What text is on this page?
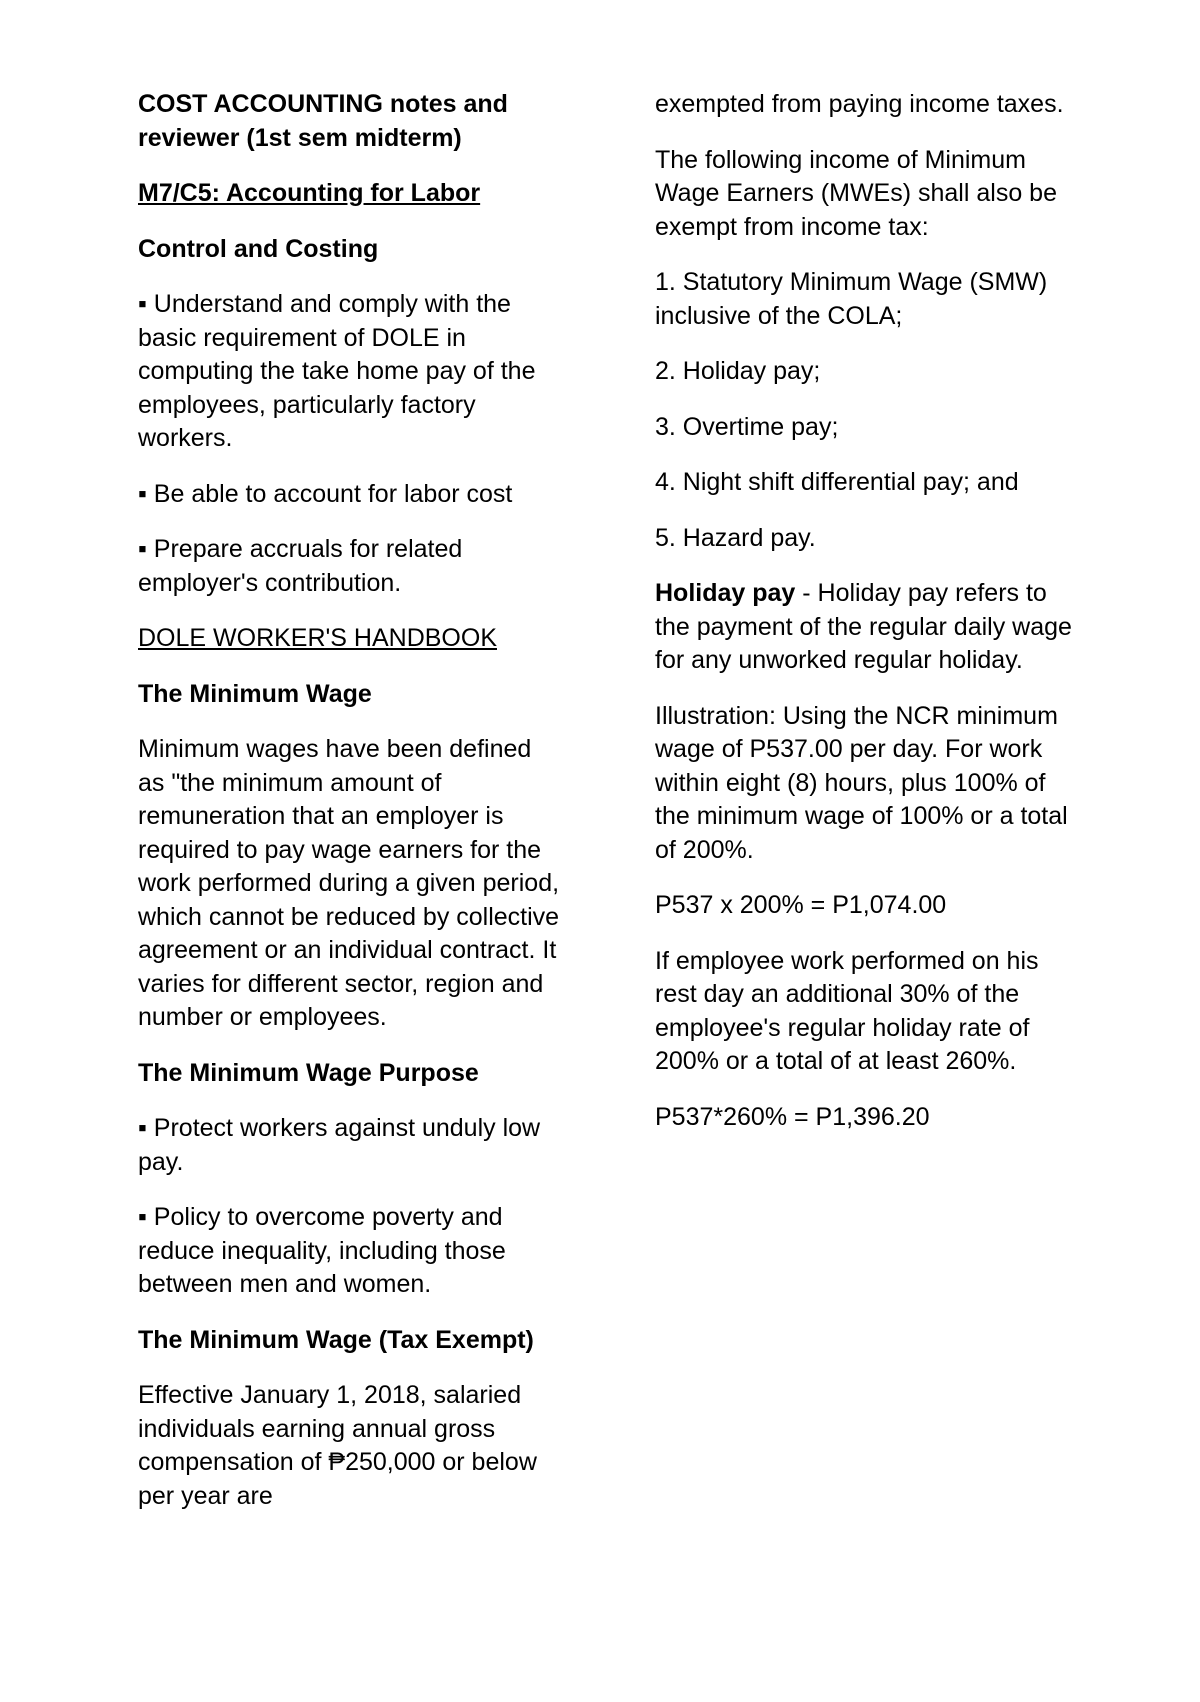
COST ACCOUNTING notes and reviewer (1st sem midterm)

M7/C5: Accounting for Labor

Control and Costing

▪ Understand and comply with the basic requirement of DOLE in computing the take home pay of the employees, particularly factory workers.

▪ Be able to account for labor cost

▪ Prepare accruals for related employer's contribution.

DOLE WORKER'S HANDBOOK

The Minimum Wage

Minimum wages have been defined as "the minimum amount of remuneration that an employer is required to pay wage earners for the work performed during a given period, which cannot be reduced by collective agreement or an individual contract. It varies for different sector, region and number or employees.

The Minimum Wage Purpose

▪ Protect workers against unduly low pay.

▪ Policy to overcome poverty and reduce inequality, including those between men and women.

The Minimum Wage (Tax Exempt)

Effective January 1, 2018, salaried individuals earning annual gross compensation of ₱250,000 or below per year are

exempted from paying income taxes.

The following income of Minimum Wage Earners (MWEs) shall also be exempt from income tax:

1. Statutory Minimum Wage (SMW) inclusive of the COLA;

2. Holiday pay;

3. Overtime pay;

4. Night shift differential pay; and

5. Hazard pay.

Holiday pay - Holiday pay refers to the payment of the regular daily wage for any unworked regular holiday.

Illustration: Using the NCR minimum wage of P537.00 per day. For work within eight (8) hours, plus 100% of the minimum wage of 100% or a total of 200%.

P537 x 200% = P1,074.00

If employee work performed on his rest day an additional 30% of the employee's regular holiday rate of 200% or a total of at least 260%.

P537*260% = P1,396.20
